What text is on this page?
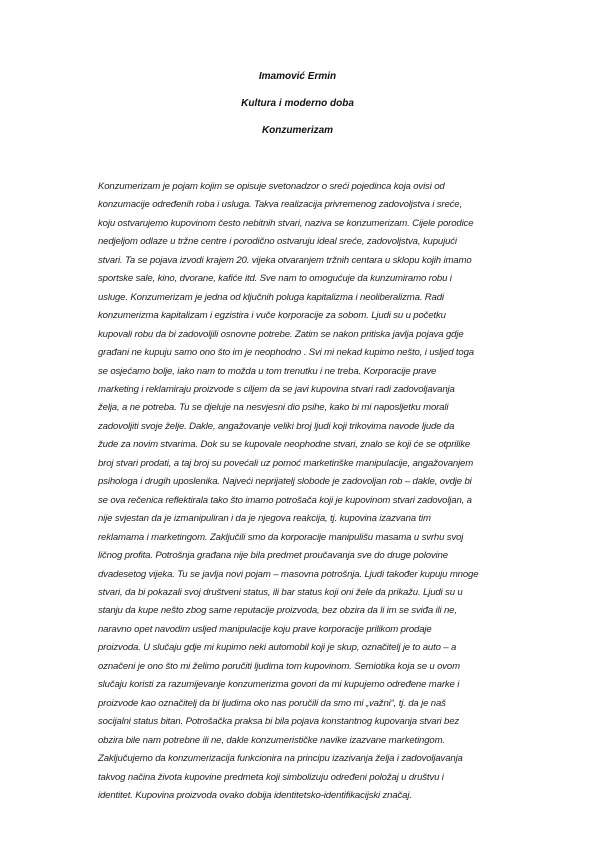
Imamović Ermin
Kultura i moderno doba
Konzumerizam
Konzumerizam je pojam kojim se opisuje svetonadzor o sreći pojedinca koja ovisi od
konzumacije određenih roba i usluga. Takva realizacija privremenog zadovoljstva i sreće,
koju ostvarujemo kupovinom često nebitnih stvari, naziva se konzumerizam. Cijele porodice
nedjeljom odlaze u tržne centre i porodično ostvaruju ideal sreće, zadovoljstva, kupujući
stvari. Ta se pojava izvodi krajem 20. vijeka otvaranjem tržnih centara u sklopu kojih imamo
sportske sale, kino, dvorane, kafiće itd. Sve nam to omogućuje da kunzumiramo robu i
usluge. Konzumerizam je jedna od ključnih poluga kapitalizma i neoliberalizma. Radi
konzumerizma kapitalizam i egzistira i vuče korporacije za sobom. Ljudi su u početku
kupovali robu da bi zadovoljili osnovne potrebe. Zatim se nakon pritiska javlja pojava gdje
građani ne kupuju samo ono što im je neophodno . Svi mi nekad kupimo nešto, i usljed toga
se osjećamo bolje, iako nam to možda u tom trenutku i ne treba. Korporacije prave
marketing i reklamiraju proizvode s ciljem da se javi kupovina stvari radi zadovoljavanja
želja, a ne potreba. Tu se djeluje na nesvjesni dio psihe, kako bi mi naposljetku morali
zadovoljiti svoje želje. Dakle, angažovanje veliki broj ljudi koji trikovima navode ljude da
žude za novim stvarima. Dok su se kupovale neophodne stvari, znalo se koji će se otprilike
broj stvari prodati, a taj broj su povećali uz pomoć marketinške manipulacije, angažovanjem
psihologa i drugih uposlenika. Najveći neprijatelj slobode je zadovoljan rob – dakle, ovdje bi
se ova rečenica reflektirala tako što imamo potrošača koji je kupovinom stvari zadovoljan, a
nije svjestan da je izmanipuliran i da je njegova reakcija, tj. kupovina izazvana tim
reklamama i marketingom. Zaključili smo da korporacije manipulišu masama u svrhu svoj
ličnog profita. Potrošnja građana nije bila predmet proučavanja sve do druge polovine
dvadesetog vijeka. Tu se javlja novi pojam – masovna potrošnja. Ljudi također kupuju mnoge
stvari, da bi pokazali svoj društveni status, ili bar status koji oni žele da prikažu. Ljudi su u
stanju da kupe nešto zbog same reputacije proizvoda, bez obzira da li im se sviđa ili ne,
naravno opet navodim usljed manipulacije koju prave korporacije prilikom prodaje
proizvoda. U slučaju gdje mi kupimo neki automobil koji je skup, označitelj je to auto – a
označeni je ono što mi želimo poručiti ljudima tom kupovinom. Semiotika koja se u ovom
slučaju koristi za razumijevanje konzumerizma govori da mi kupujemo određene marke i
proizvode kao označitelj da bi ljudima oko nas poručili da smo mi „važni“, tj. da je naš
socijalni status bitan. Potrošačka praksa bi bila pojava konstantnog kupovanja stvari bez
obzira bile nam potrebne ili ne, dakle konzumerističke navike izazvane marketingom.
Zaključujemo da konzumerizacija funkcionira na principu izazivanja želja i zadovoljavanja
takvog načina života kupovine predmeta koji simbolizuju određeni položaj u društvu i
identitet. Kupovina proizvoda ovako dobija identitetsko-identifikacijski značaj.
